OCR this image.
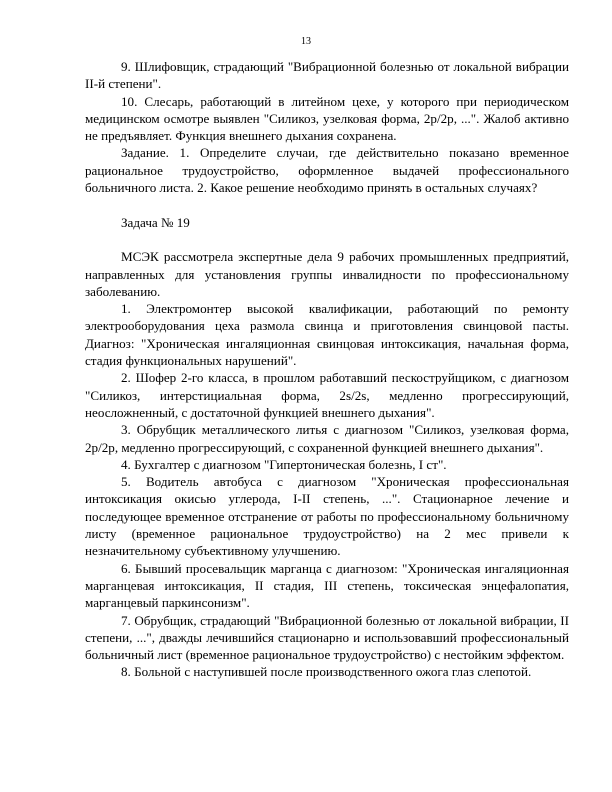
13

9. Шлифовщик, страдающий "Вибрационной болезнью от локальной вибрации II-й степени".

10. Слесарь, работающий в литейном цехе, у которого при периодическом медицинском осмотре выявлен "Силикоз, узелковая форма, 2р/2р, ...". Жалоб активно не предъявляет. Функция внешнего дыхания сохранена.

Задание. 1. Определите случаи, где действительно показано временное рациональное трудоустройство, оформленное выдачей профессионального больничного листа. 2. Какое решение необходимо принять в остальных случаях?

Задача № 19

МСЭК рассмотрела экспертные дела 9 рабочих промышленных предприятий, направленных для установления группы инвалидности по профессиональному заболеванию.

1. Электромонтер высокой квалификации, работающий по ремонту электрооборудования цеха размола свинца и приготовления свинцовой пасты. Диагноз: "Хроническая ингаляционная свинцовая интоксикация, начальная форма, стадия функциональных нарушений".

2. Шофер 2-го класса, в прошлом работавший пескоструйщиком, с диагнозом "Силикоз, интерстициальная форма, 2s/2s, медленно прогрессирующий, неосложненный, с достаточной функцией внешнего дыхания".

3. Обрубщик металлического литья с диагнозом "Силикоз, узелковая форма, 2р/2р, медленно прогрессирующий, с сохраненной функцией внешнего дыхания".

4. Бухгалтер с диагнозом "Гипертоническая болезнь, I ст".

5. Водитель автобуса с диагнозом "Хроническая профессиональная интоксикация окисью углерода, I-II степень, ...". Стационарное лечение и последующее временное отстранение от работы по профессиональному больничному листу (временное рациональное трудоустройство) на 2 мес привели к незначительному субъективному улучшению.

6. Бывший просевальщик марганца с диагнозом: "Хроническая ингаляционная марганцевая интоксикация, II стадия, III степень, токсическая энцефалопатия, марганцевый паркинсонизм".

7. Обрубщик, страдающий "Вибрационной болезнью от локальной вибрации, II степени, ...", дважды лечившийся стационарно и использовавший профессиональный больничный лист (временное рациональное трудоустройство) с нестойким эффектом.

8. Больной с наступившей после производственного ожога глаз слепотой.
